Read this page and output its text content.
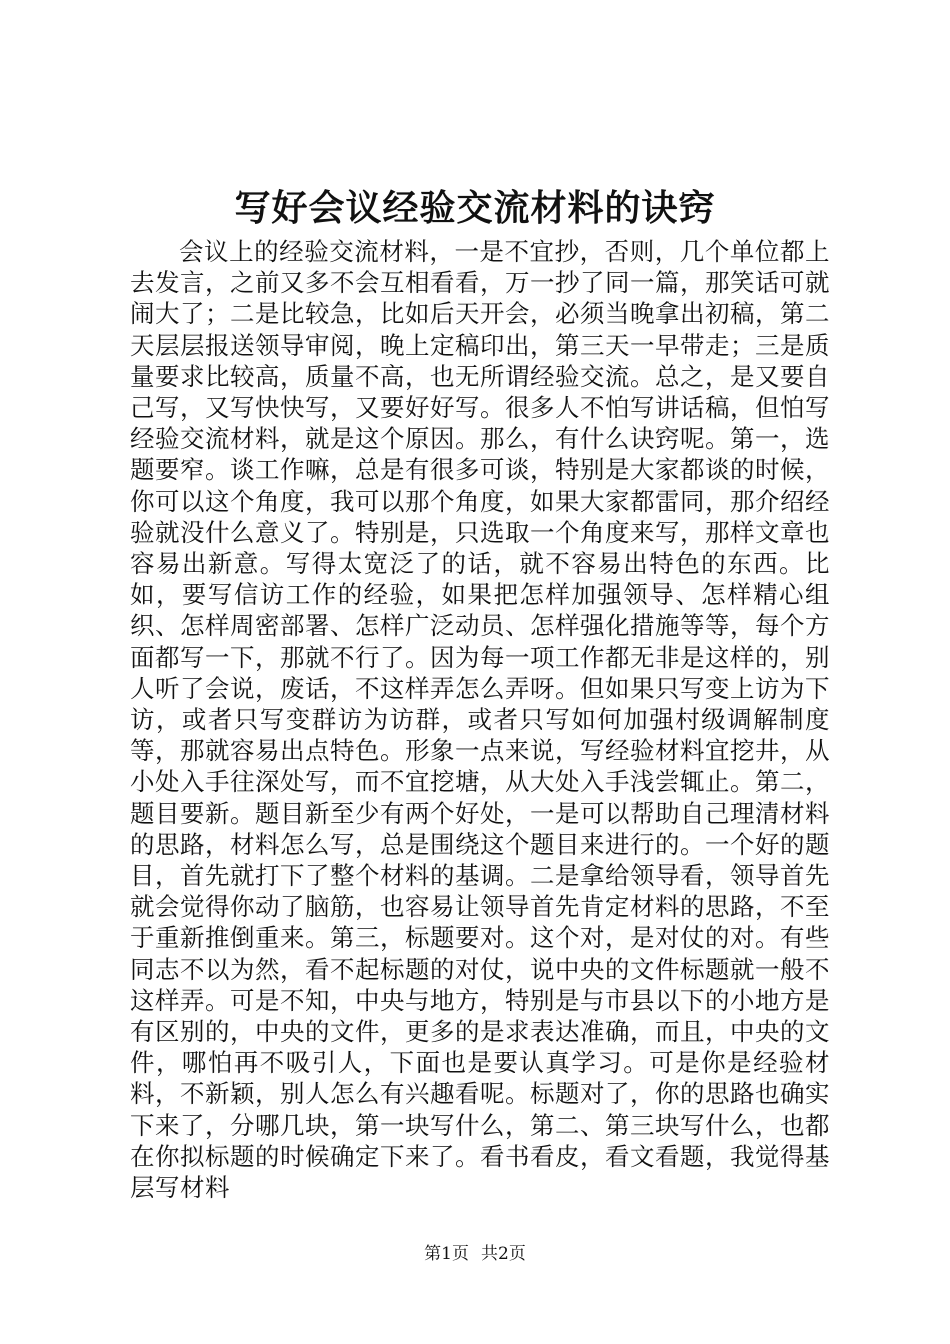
写好会议经验交流材料的诀窍

会议上的经验交流材料，一是不宜抄，否则，几个单位都上去发言，之前又多不会互相看看，万一抄了同一篇，那笑话可就闹大了；二是比较急，比如后天开会，必须当晚拿出初稿，第二天层层报送领导审阅，晚上定稿印出，第三天一早带走；三是质量要求比较高，质量不高，也无所谓经验交流。总之，是又要自己写，又写快快写，又要好好写。很多人不怕写讲话稿，但怕写经验交流材料，就是这个原因。那么，有什么诀窍呢。第一，选题要窄。谈工作嘛，总是有很多可谈，特别是大家都谈的时候，你可以这个角度，我可以那个角度，如果大家都雷同，那介绍经验就没什么意义了。特别是，只选取一个角度来写，那样文章也容易出新意。写得太宽泛了的话，就不容易出特色的东西。比如，要写信访工作的经验，如果把怎样加强领导、怎样精心组织、怎样周密部署、怎样广泛动员、怎样强化措施等等，每个方面都写一下，那就不行了。因为每一项工作都无非是这样的，别人听了会说，废话，不这样弄怎么弄呀。但如果只写变上访为下访，或者只写变群访为访群，或者只写如何加强村级调解制度等，那就容易出点特色。形象一点来说，写经验材料宜挖井，从小处入手往深处写，而不宜挖塘，从大处入手浅尝辄止。第二，题目要新。题目新至少有两个好处，一是可以帮助自己理清材料的思路，材料怎么写，总是围绕这个题目来进行的。一个好的题目，首先就打下了整个材料的基调。二是拿给领导看，领导首先就会觉得你动了脑筋，也容易让领导首先肯定材料的思路，不至于重新推倒重来。第三，标题要对。这个对，是对仗的对。有些同志不以为然，看不起标题的对仗，说中央的文件标题就一般不这样弄。可是不知，中央与地方，特别是与市县以下的小地方是有区别的，中央的文件，更多的是求表达准确，而且，中央的文件，哪怕再不吸引人，下面也是要认真学习。可是你是经验材料，不新颖，别人怎么有兴趣看呢。标题对了，你的思路也确实下来了，分哪几块，第一块写什么，第二、第三块写什么，也都在你拟标题的时候确定下来了。看书看皮，看文看题，我觉得基层写材料

第1页 共2页
